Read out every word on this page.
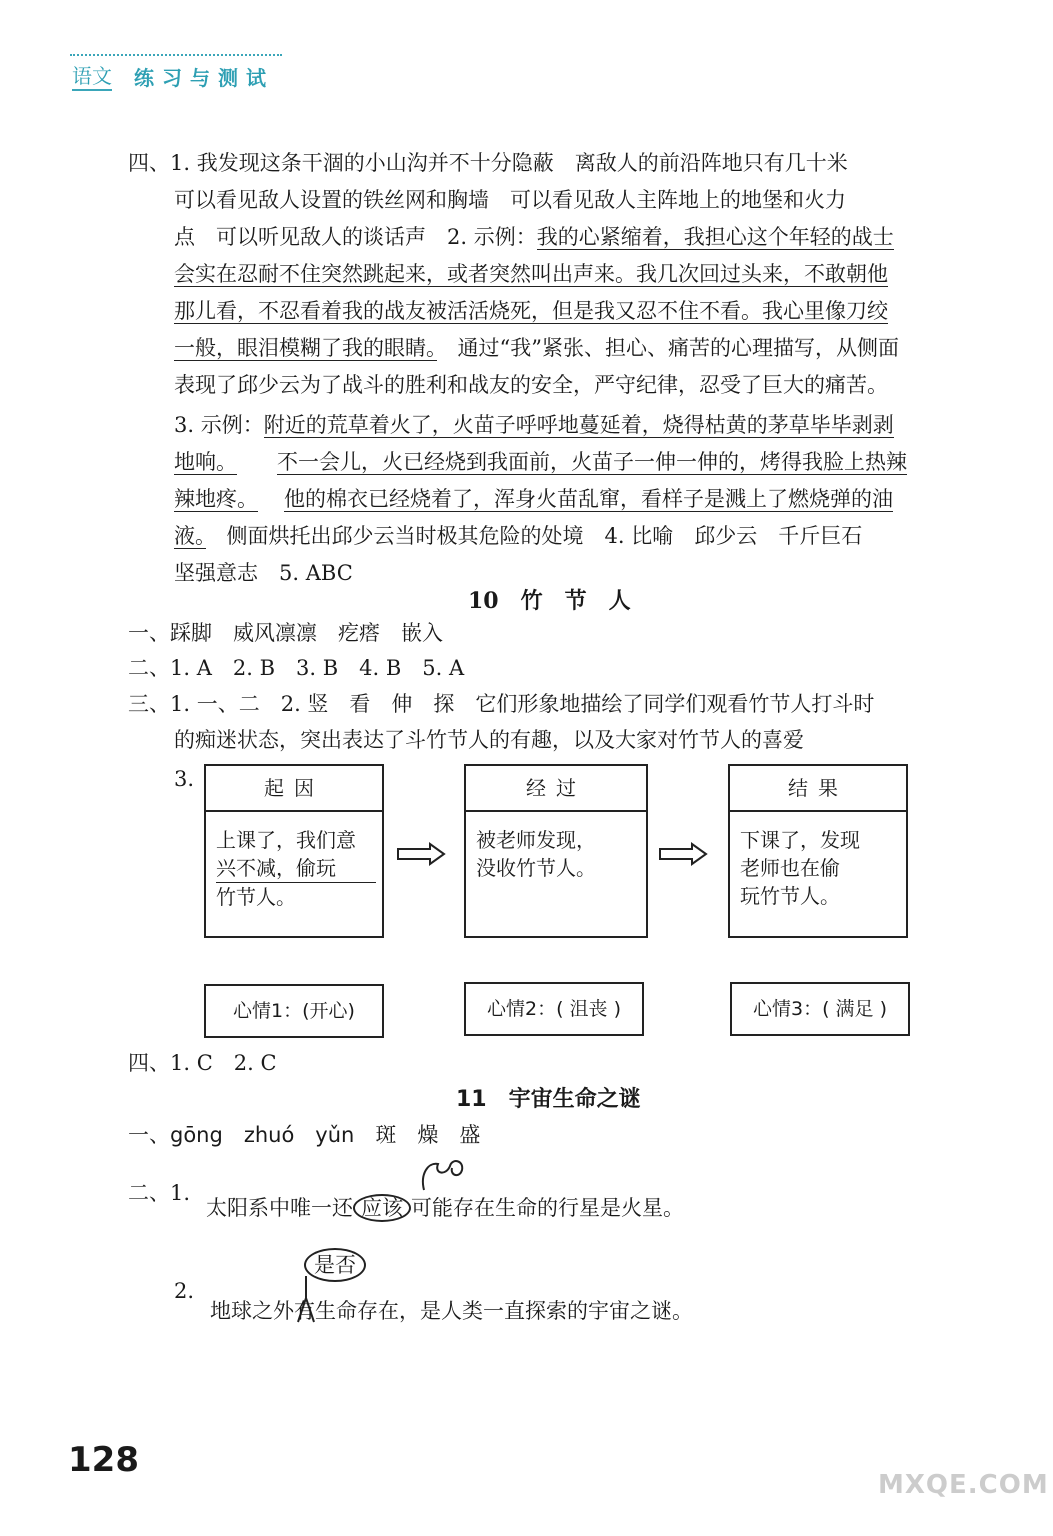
语文 练习与测试
四、1. 我发现这条干涸的小山沟并不十分隐蔽　离敌人的前沿阵地只有几十米
可以看见敌人设置的铁丝网和胸墙　可以看见敌人主阵地上的地堡和火力
点　可以听见敌人的谈话声　2. 示例：我的心紧缩着，我担心这个年轻的战士
会实在忍耐不住突然跳起来，或者突然叫出声来。我几次回过头来，不敢朝他
那儿看，不忍看着我的战友被活活烧死，但是我又忍不住不看。我心里像刀绞
一般，眼泪模糊了我的眼睛。　通过“我”紧张、担心、痛苦的心理描写，从侧面
表现了邱少云为了战斗的胜利和战友的安全，严守纪律，忍受了巨大的痛苦。
3. 示例：附近的荒草着火了，火苗子呼呼地蔓延着，烧得枯黄的茅草毕毕剥剥
地响。 不一会儿，火已经烧到我面前，火苗子一伸一伸的，烤得我脸上热辣
辣地疼。 他的棉衣已经烧着了，浑身火苗乱窜，看样子是溅上了燃烧弹的油
液。　侧面烘托出邱少云当时极其危险的处境　4. 比喻　邱少云　千斤巨石
坚强意志　5. ABC
10　竹　节　人
一、踩脚　威风凛凛　疙瘩　嵌入
二、1. A　2. B　3. B　4. B　5. A
三、1. 一、二　2. 竖　看　伸　探　它们形象地描绘了同学们观看竹节人打斗时
的痴迷状态，突出表达了斗竹节人的有趣，以及大家对竹节人的喜爱
3.	起因
上课了，我们意
兴不减，偷玩
竹节人。
经过
被老师发现，
没收竹节人。
结果
下课了，发现
老师也在偷
玩竹节人。
心情1：(开心)	心情2：( 沮丧 )	心情3：( 满足 )
四、1. C　2. C
11　宇宙生命之谜
一、gōng　zhuó　yǔn　 斑　燥　盛
二、1.
太阳系中唯一还 应该 可能存在生命的行星是火星。
2.
是否
地球之外有生命存在，是人类一直探索的宇宙之谜。
128
MXQE.COM
